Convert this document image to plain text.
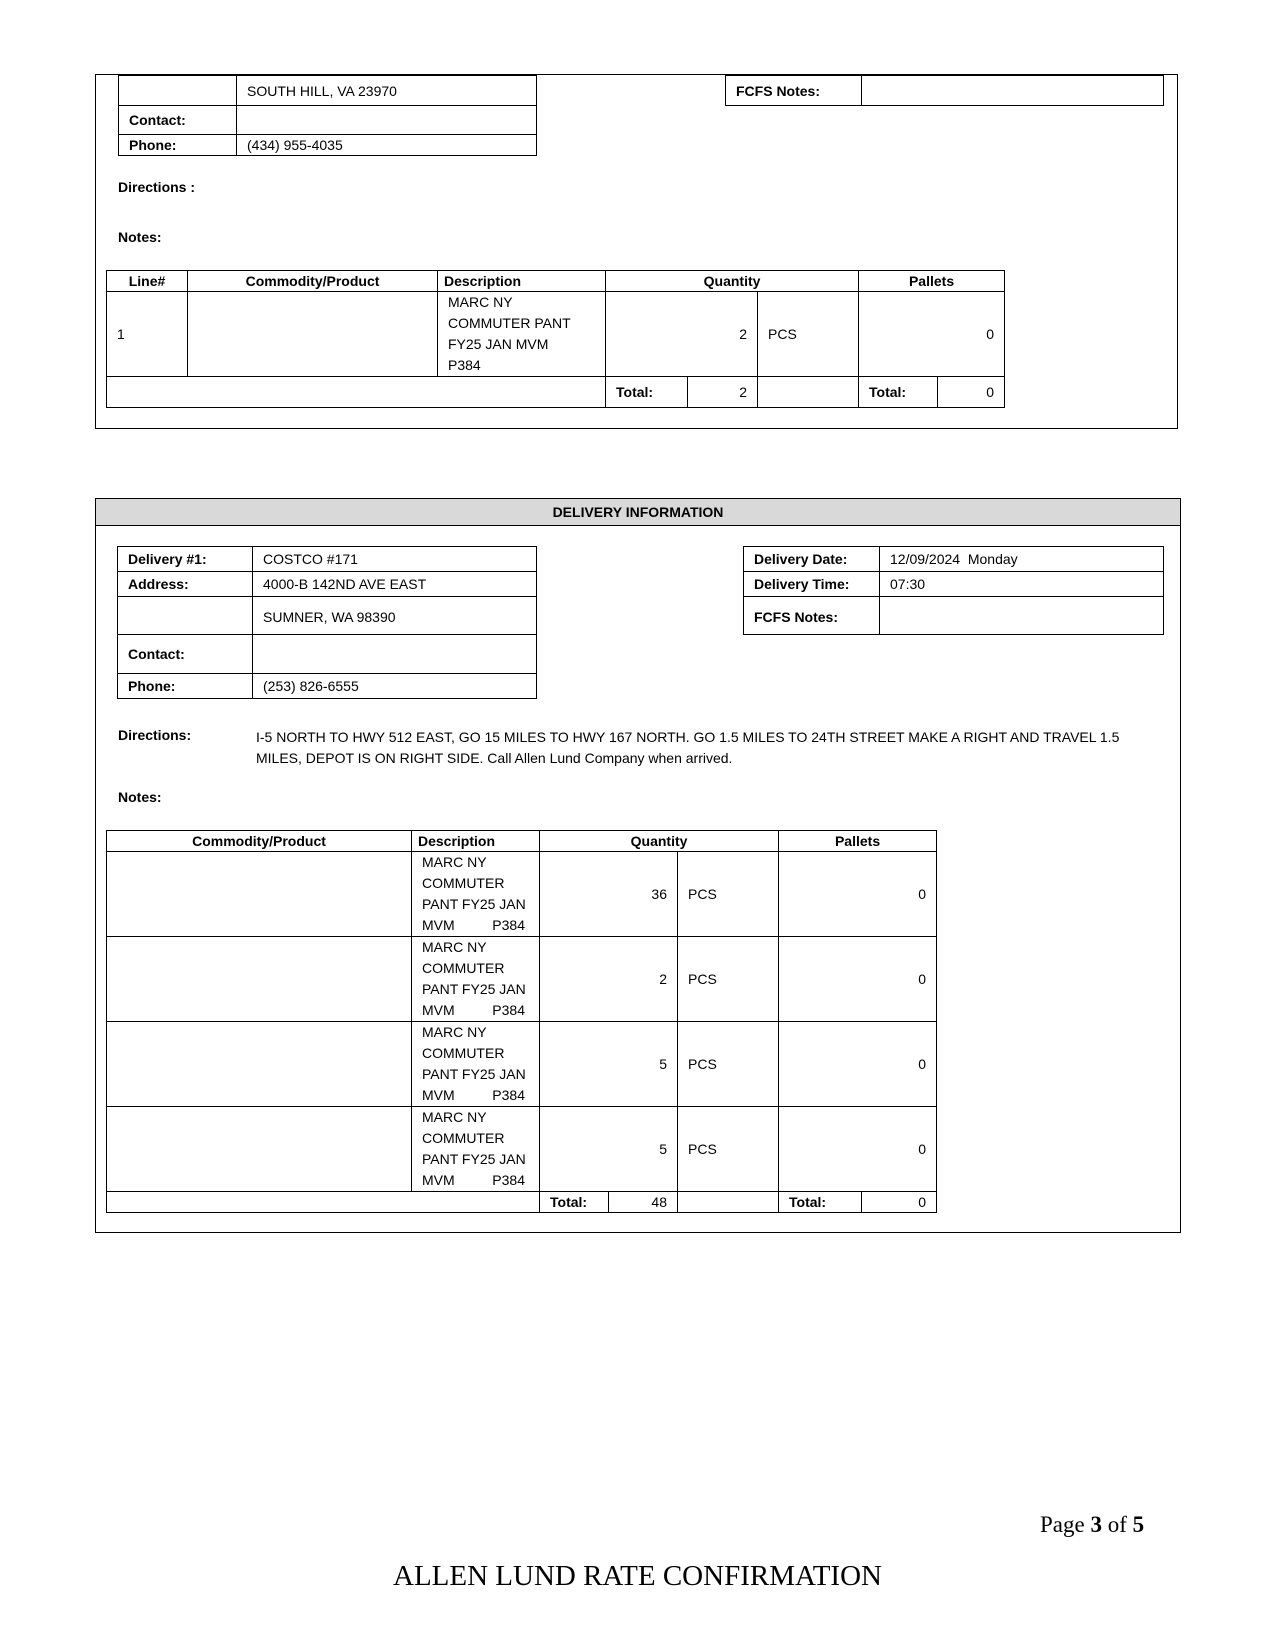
	SOUTH HILL, VA 23970
Contact:	
Phone:	(434) 955-4035
FCFS Notes:	
Directions :
Notes:
Line#	Commodity/Product	Description	Quantity			Pallets	
1		MARC NY
COMMUTER PANT
FY25 JAN MVM
P384	2		PCS	0	
			Total:	2		Total:	0
DELIVERY INFORMATION
Delivery #1:	COSTCO #171
Address:	4000-B 142ND AVE EAST
	SUMNER, WA 98390
Contact:	
Phone:	(253) 826-6555
Delivery Date:	12/09/2024  Monday
Delivery Time:	07:30
FCFS Notes:	
Directions:	I-5 NORTH TO HWY 512 EAST, GO 15 MILES TO HWY 167 NORTH. GO 1.5 MILES TO 24TH STREET MAKE A RIGHT AND TRAVEL 1.5
MILES, DEPOT IS ON RIGHT SIDE. Call Allen Lund Company when arrived.
Notes:
Commodity/Product	Description	Quantity			Pallets	

	MARC NY
COMMUTER
PANT FY25 JAN
MVM P384	36		PCS	0	

	MARC NY
COMMUTER
PANT FY25 JAN
MVM P384	2		PCS	0	

	MARC NY
COMMUTER
PANT FY25 JAN
MVM P384	5		PCS	0	

	MARC NY
COMMUTER
PANT FY25 JAN
MVM P384	5		PCS	0	
		Total:	48		Total:	0
Page 3 of 5
ALLEN LUND RATE CONFIRMATION
